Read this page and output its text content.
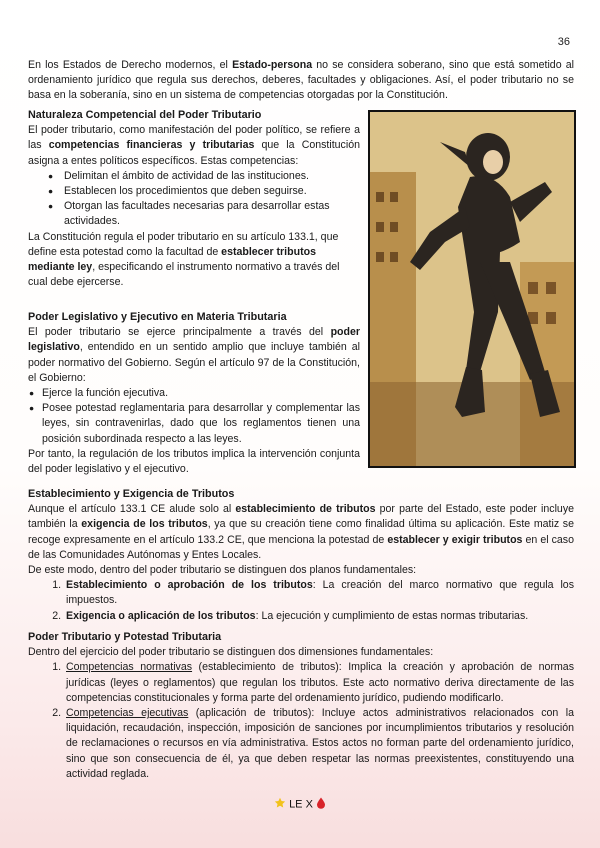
36

En los Estados de Derecho modernos, el Estado-persona no se considera soberano, sino que está sometido al ordenamiento jurídico que regula sus derechos, deberes, facultades y obligaciones. Así, el poder tributario no se basa en la soberanía, sino en un sistema de competencias otorgadas por la Constitución.

Naturaleza Competencial del Poder Tributario

El poder tributario, como manifestación del poder político, se refiere a las competencias financieras y tributarias que la Constitución asigna a entes políticos específicos. Estas competencias:

● Delimitan el ámbito de actividad de las instituciones.
● Establecen los procedimientos que deben seguirse.
● Otorgan las facultades necesarias para desarrollar estas actividades.

La Constitución regula el poder tributario en su artículo 133.1, que define esta potestad como la facultad de establecer tributos mediante ley, especificando el instrumento normativo a través del cual debe ejercerse.

Poder Legislativo y Ejecutivo en Materia Tributaria

El poder tributario se ejerce principalmente a través del poder legislativo, entendido en un sentido amplio que incluye también al poder normativo del Gobierno. Según el artículo 97 de la Constitución, el Gobierno:

● Ejerce la función ejecutiva.
● Posee potestad reglamentaria para desarrollar y complementar las leyes, sin contravenirlas, dado que los reglamentos tienen una posición subordinada respecto a las leyes.

Por tanto, la regulación de los tributos implica la intervención conjunta del poder legislativo y el ejecutivo.

Establecimiento y Exigencia de Tributos

Aunque el artículo 133.1 CE alude solo al establecimiento de tributos por parte del Estado, este poder incluye también la exigencia de los tributos, ya que su creación tiene como finalidad última su aplicación. Este matiz se recoge expresamente en el artículo 133.2 CE, que menciona la potestad de establecer y exigir tributos en el caso de las Comunidades Autónomas y Entes Locales.

De este modo, dentro del poder tributario se distinguen dos planos fundamentales:

1. Establecimiento o aprobación de los tributos: La creación del marco normativo que regula los impuestos.
2. Exigencia o aplicación de los tributos: La ejecución y cumplimiento de estas normas tributarias.
Poder Tributario y Potestad Tributaria

Dentro del ejercicio del poder tributario se distinguen dos dimensiones fundamentales:

1. Competencias normativas (establecimiento de tributos): Implica la creación y aprobación de normas jurídicas (leyes o reglamentos) que regulan los tributos. Este acto normativo deriva directamente de las competencias constitucionales y forma parte del ordenamiento jurídico, pudiendo modificarlo.
2. Competencias ejecutivas (aplicación de tributos): Incluye actos administrativos relacionados con la liquidación, recaudación, inspección, imposición de sanciones por incumplimientos tributarios y resolución de reclamaciones o recursos en vía administrativa. Estos actos no forman parte del ordenamiento jurídico, sino que son consecuencia de él, ya que deben respetar las normas preexistentes, constituyendo una actividad reglada.
LE X
